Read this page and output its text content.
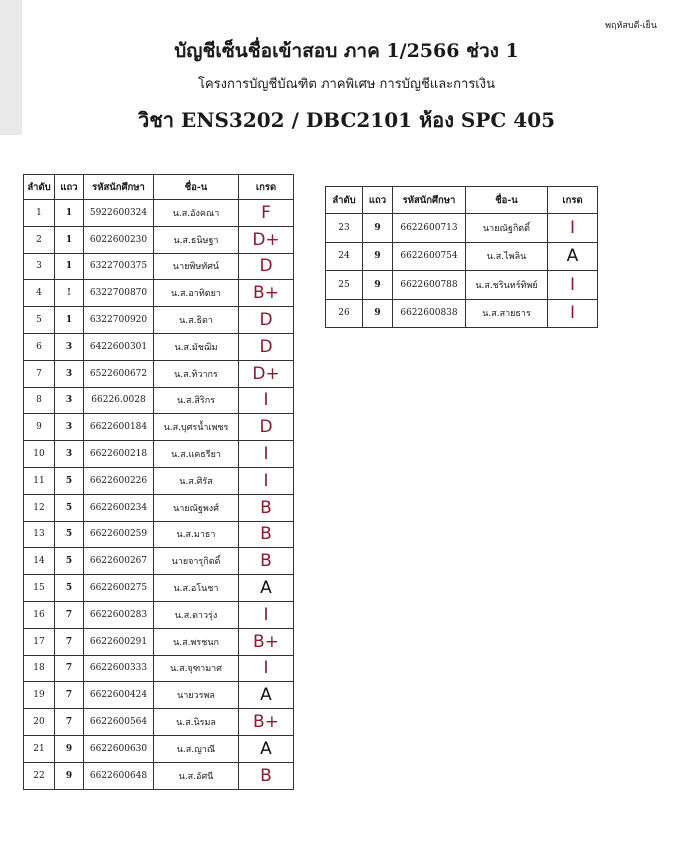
พฤหัสบดี-เย็น
บัญชีเซ็นชื่อเข้าสอบ ภาค 1/2566 ช่วง 1
โครงการบัญชีบัณฑิต ภาคพิเศษ การบัญชีและการเงิน
วิชา ENS3202 / DBC2101 ห้อง SPC 405
ลำดับ	แถว	รหัสนักศึกษา	ชื่อ-น	เกรด
1	1	5922600324	น.ส.อังคณา	F
2	1	6022600230	น.ส.ธนิษฐา	D+
3	1	6322700375	นายพิษทัศน์	D
4	!	6322700870	น.ส.อาทิตยา	B+
5	1	6322700920	น.ส.ธิดา	D
6	3	6422600301	น.ส.มัชฌิม	D
7	3	6522600672	น.ส.ทิวากร	D+
8	3	66226.0028	น.ส.สิริกร	I
9	3	6622600184	น.ส.บุศรน้ำเพชร	D
10	3	6622600218	น.ส.แคธรียา	I
11	5	6622600226	น.ส.ศิรัส	I
12	5	6622600234	นายณัฐพงศ์	B
13	5	6622600259	น.ส.มาธา	B
14	5	6622600267	นายจารุกิตติ์	B
15	5	6622600275	น.ส.อโนชา	A
16	7	6622600283	น.ส.ดาวรุ่ง	I
17	7	6622600291	น.ส.พรชนก	B+
18	7	6622600333	น.ส.จุฑามาศ	I
19	7	6622600424	นายวรพล	A
20	7	6622600564	น.ส.นิรมล	B+
21	9	6622600630	น.ส.ญาณี	A
22	9	6622600648	น.ส.อัศนี	B
ลำดับ	แถว	รหัสนักศึกษา	ชื่อ-น	เกรด
23	9	6622600713	นายณัฐกิตติ์	I
24	9	6622600754	น.ส.ไพลิน	A
25	9	6622600788	น.ส.ชรินทร์ทิพย์	I
26	9	6622600838	น.ส.สายธาร	I
